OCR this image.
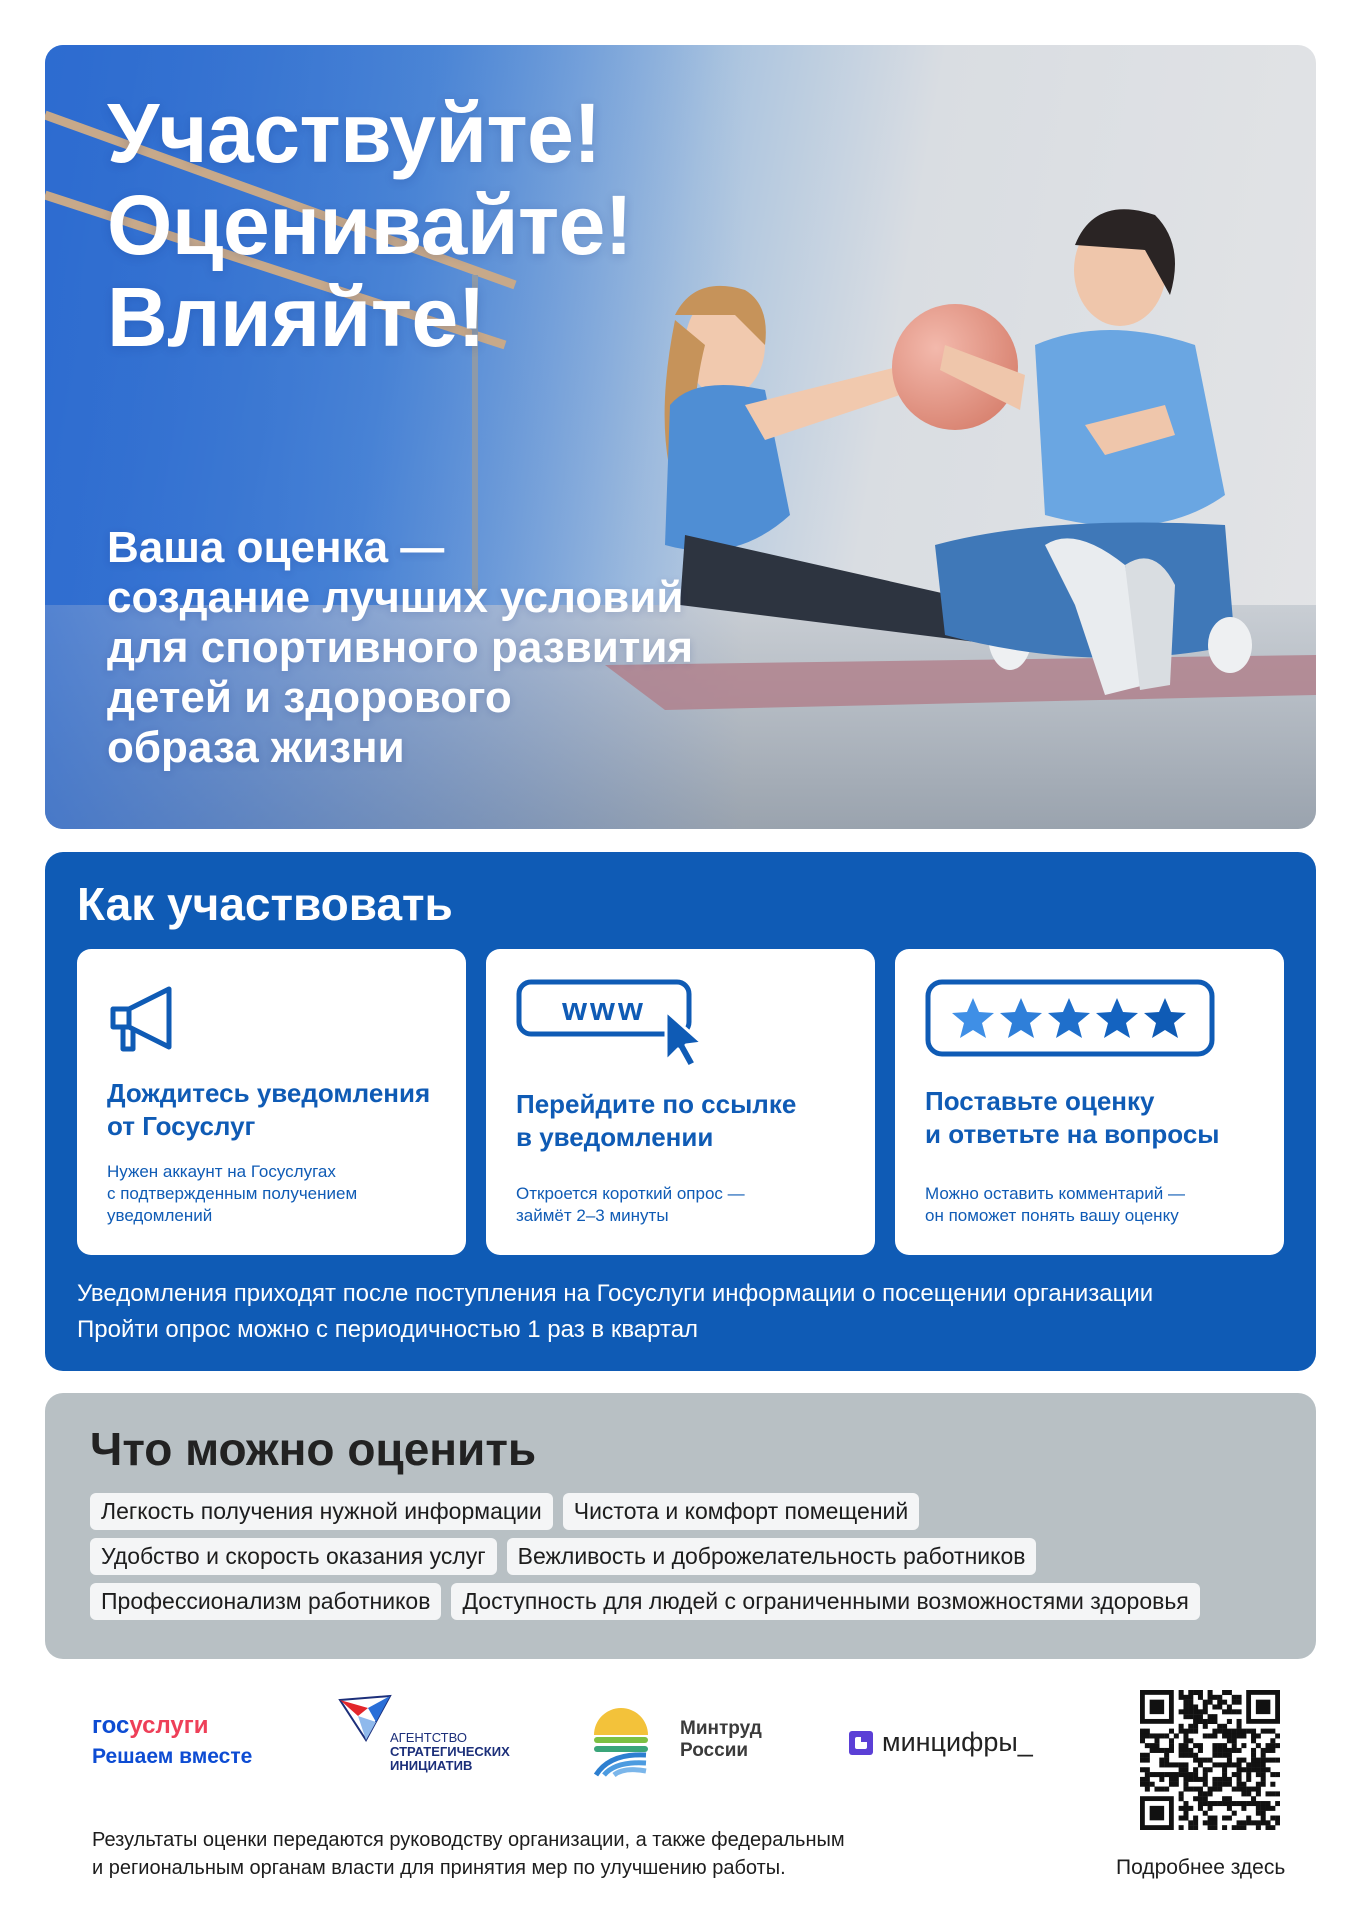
Участвуйте!
Оценивайте!
Влияйте!
Ваша оценка —
создание лучших условий
для спортивного развития
детей и здорового
образа жизни
Как участвовать
Дождитесь уведомления
от Госуслуг
Нужен аккаунт на Госуслугах
с подтвержденным получением
уведомлений
www
Перейдите по ссылке
в уведомлении
Откроется короткий опрос —
займёт 2–3 минуты
Поставьте оценку
и ответьте на вопросы
Можно оставить комментарий —
он поможет понять вашу оценку
Уведомления приходят после поступления на Госуслуги информации о посещении организации
Пройти опрос можно с периодичностью 1 раз в квартал
Что можно оценить
Легкость получения нужной информации	Чистота и комфорт помещений
Удобство и скорость оказания услуг	Вежливость и доброжелательность работников
Профессионализм работников	Доступность для людей с ограниченными возможностями здоровья
госуслуги
Решаем вместе
АГЕНТСТВО
СТРАТЕГИЧЕСКИХ
ИНИЦИАТИВ
Минтруд
России	минцифры_
Подробнее здесь
Результаты оценки передаются руководству организации, а также федеральным
и региональным органам власти для принятия мер по улучшению работы.
